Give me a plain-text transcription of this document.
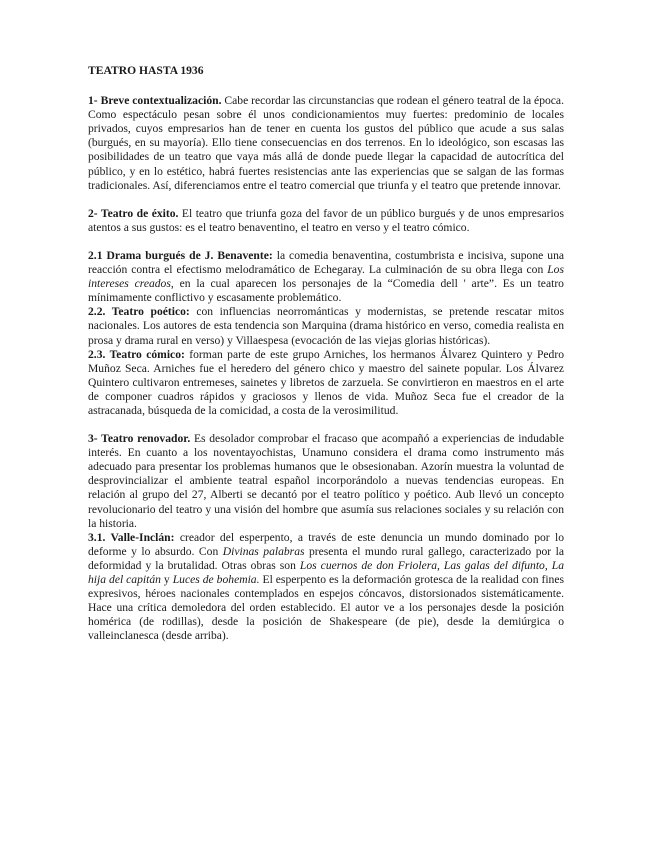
TEATRO HASTA 1936

1- Breve contextualización. Cabe recordar las circunstancias que rodean el género teatral de la época. Como espectáculo pesan sobre él unos condicionamientos muy fuertes: predominio de locales privados, cuyos empresarios han de tener en cuenta los gustos del público que acude a sus salas (burgués, en su mayoría). Ello tiene consecuencias en dos terrenos. En lo ideológico, son escasas las posibilidades de un teatro que vaya más allá de donde puede llegar la capacidad de autocrítica del público, y en lo estético, habrá fuertes resistencias ante las experiencias que se salgan de las formas tradicionales. Así, diferenciamos entre el teatro comercial que triunfa y el teatro que pretende innovar.

2- Teatro de éxito. El teatro que triunfa goza del favor de un público burgués y de unos empresarios atentos a sus gustos: es el teatro benaventino, el teatro en verso y el teatro cómico.

2.1 Drama burgués de J. Benavente: la comedia benaventina, costumbrista e incisiva, supone una reacción contra el efectismo melodramático de Echegaray. La culminación de su obra llega con Los intereses creados, en la cual aparecen los personajes de la “Comedia dell ' arte”. Es un teatro mínimamente conflictivo y escasamente problemático.

2.2. Teatro poético: con influencias neorrománticas y modernistas, se pretende rescatar mitos nacionales. Los autores de esta tendencia son Marquina (drama histórico en verso, comedia realista en prosa y drama rural en verso) y Villaespesa (evocación de las viejas glorias históricas).

2.3. Teatro cómico: forman parte de este grupo Arniches, los hermanos Álvarez Quintero y Pedro Muñoz Seca. Arniches fue el heredero del género chico y maestro del sainete popular. Los Álvarez Quintero cultivaron entremeses, sainetes y libretos de zarzuela. Se convirtieron en maestros en el arte de componer cuadros rápidos y graciosos y llenos de vida. Muñoz Seca fue el creador de la astracanada, búsqueda de la comicidad, a costa de la verosimilitud.

3- Teatro renovador. Es desolador comprobar el fracaso que acompañó a experiencias de indudable interés. En cuanto a los noventayochistas, Unamuno considera el drama como instrumento más adecuado para presentar los problemas humanos que le obsesionaban. Azorín muestra la voluntad de desprovincializar el ambiente teatral español incorporándolo a nuevas tendencias europeas. En relación al grupo del 27, Alberti se decantó por el teatro político y poético. Aub llevó un concepto revolucionario del teatro y una visión del hombre que asumía sus relaciones sociales y su relación con la historia.

3.1. Valle-Inclán: creador del esperpento, a través de este denuncia un mundo dominado por lo deforme y lo absurdo. Con Divinas palabras presenta el mundo rural gallego, caracterizado por la deformidad y la brutalidad. Otras obras son Los cuernos de don Friolera, Las galas del difunto, La hija del capitán y Luces de bohemia. El esperpento es la deformación grotesca de la realidad con fines expresivos, héroes nacionales contemplados en espejos cóncavos, distorsionados sistemáticamente. Hace una crítica demoledora del orden establecido. El autor ve a los personajes desde la posición homérica (de rodillas), desde la posición de Shakespeare (de pie), desde la demiúrgica o valleinclanesca (desde arriba).
